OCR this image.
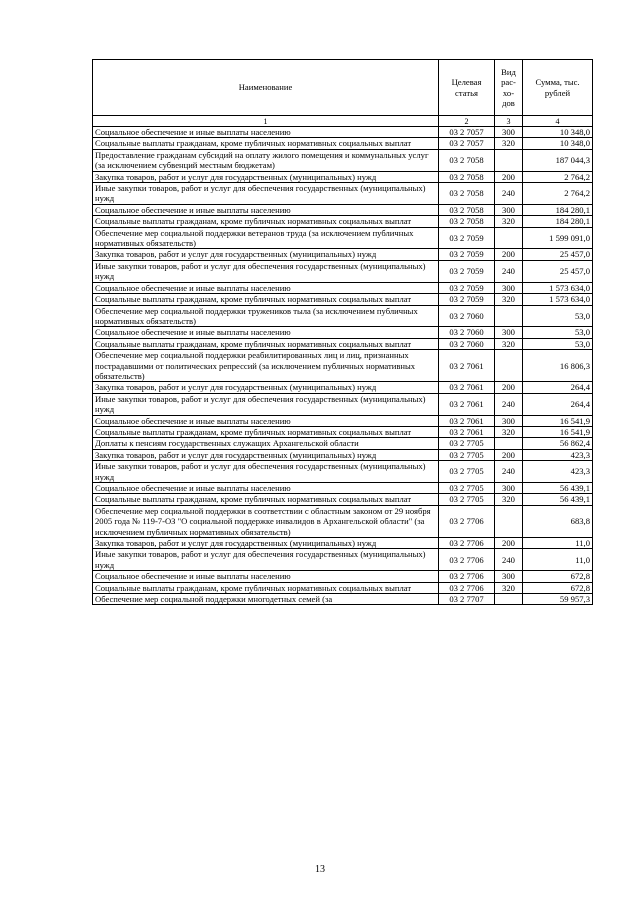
Наименование	Целевая статья	Вид рас- хо- дов	Сумма, тыс. рублей
1	2	3	4
Социальное обеспечение и иные выплаты населению	03 2 7057	300	10 348,0
Социальные выплаты гражданам, кроме публичных нормативных социальных выплат	03 2 7057	320	10 348,0
Предоставление гражданам субсидий на оплату жилого помещения и коммунальных услуг (за исключением субвенций местным бюджетам)	03 2 7058		187 044,3
Закупка товаров, работ и услуг для государственных (муниципальных) нужд	03 2 7058	200	2 764,2
Иные закупки товаров, работ и услуг для обеспечения государственных (муниципальных) нужд	03 2 7058	240	2 764,2
Социальное обеспечение и иные выплаты населению	03 2 7058	300	184 280,1
Социальные выплаты гражданам, кроме публичных нормативных социальных выплат	03 2 7058	320	184 280,1
Обеспечение мер социальной поддержки ветеранов труда (за исключением публичных нормативных обязательств)	03 2 7059		1 599 091,0
Закупка товаров, работ и услуг для государственных (муниципальных) нужд	03 2 7059	200	25 457,0
Иные закупки товаров, работ и услуг для обеспечения государственных (муниципальных) нужд	03 2 7059	240	25 457,0
Социальное обеспечение и иные выплаты населению	03 2 7059	300	1 573 634,0
Социальные выплаты гражданам, кроме публичных нормативных социальных выплат	03 2 7059	320	1 573 634,0
Обеспечение мер социальной поддержки тружеников тыла (за исключением публичных нормативных обязательств)	03 2 7060		53,0
Социальное обеспечение и иные выплаты населению	03 2 7060	300	53,0
Социальные выплаты гражданам, кроме публичных нормативных социальных выплат	03 2 7060	320	53,0
Обеспечение мер социальной поддержки реабилитированных лиц и лиц, признанных пострадавшими от политических репрессий (за исключением публичных нормативных обязательств)	03 2 7061		16 806,3
Закупка товаров, работ и услуг для государственных (муниципальных) нужд	03 2 7061	200	264,4
Иные закупки товаров, работ и услуг для обеспечения государственных (муниципальных) нужд	03 2 7061	240	264,4
Социальное обеспечение и иные выплаты населению	03 2 7061	300	16 541,9
Социальные выплаты гражданам, кроме публичных нормативных социальных выплат	03 2 7061	320	16 541,9
Доплаты к пенсиям государственных служащих Архангельской области	03 2 7705		56 862,4
Закупка товаров, работ и услуг для государственных (муниципальных) нужд	03 2 7705	200	423,3
Иные закупки товаров, работ и услуг для обеспечения государственных (муниципальных) нужд	03 2 7705	240	423,3
Социальное обеспечение и иные выплаты населению	03 2 7705	300	56 439,1
Социальные выплаты гражданам, кроме публичных нормативных социальных выплат	03 2 7705	320	56 439,1
Обеспечение мер социальной поддержки в соответствии с областным законом от 29 ноября 2005 года № 119-7-ОЗ "О социальной поддержке инвалидов в Архангельской области" (за исключением публичных нормативных обязательств)	03 2 7706		683,8
Закупка товаров, работ и услуг для государственных (муниципальных) нужд	03 2 7706	200	11,0
Иные закупки товаров, работ и услуг для обеспечения государственных (муниципальных) нужд	03 2 7706	240	11,0
Социальное обеспечение и иные выплаты населению	03 2 7706	300	672,8
Социальные выплаты гражданам, кроме публичных нормативных социальных выплат	03 2 7706	320	672,8
Обеспечение мер социальной поддержки многодетных семей (за	03 2 7707		59 957,3
13
